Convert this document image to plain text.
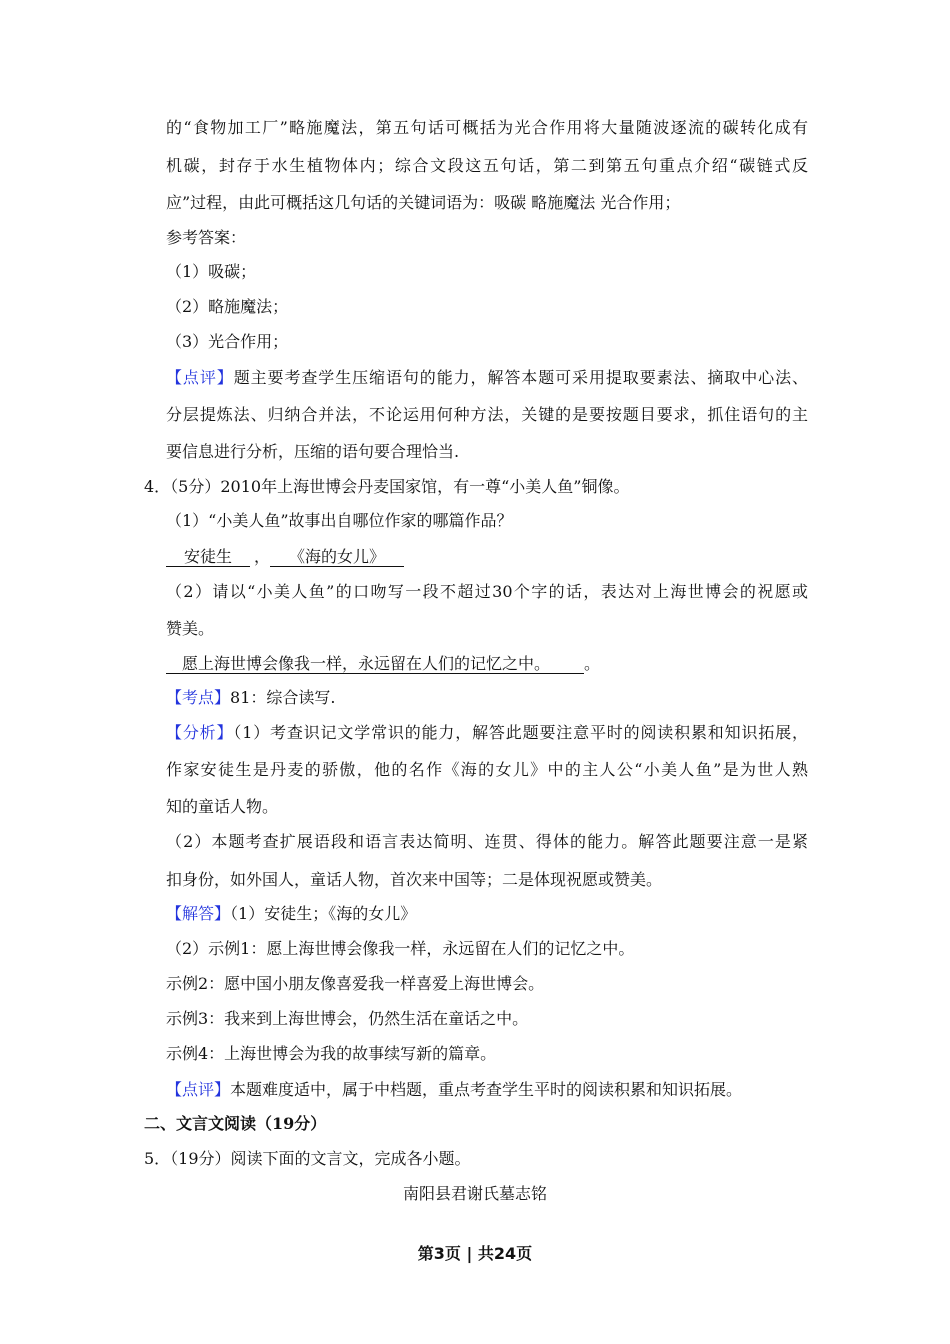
的“食物加工厂”略施魔法，第五句话可概括为光合作用将大量随波逐流的碳转化成有
机碳，封存于水生植物体内；综合文段这五句话，第二到第五句重点介绍“碳链式反
应”过程，由此可概括这几句话的关键词语为：吸碳 略施魔法 光合作用；
参考答案：
（1）吸碳；
（2）略施魔法；
（3）光合作用；
【点评】题主要考查学生压缩语句的能力，解答本题可采用提取要素法、摘取中心法、
分层提炼法、归纳合并法，不论运用何种方法，关键的是要按题目要求，抓住语句的主
要信息进行分析，压缩的语句要合理恰当.
4．（5分）2010年上海世博会丹麦国家馆，有一尊“小美人鱼”铜像。
（1）“小美人鱼”故事出自哪位作家的哪篇作品？
安徒生 ， 《海的女儿》
（2）请以“小美人鱼”的口吻写一段不超过30个字的话，表达对上海世博会的祝愿或
赞美。
愿上海世博会像我一样，永远留在人们的记忆之中。 。
【考点】81：综合读写.
【分析】（1）考查识记文学常识的能力，解答此题要注意平时的阅读积累和知识拓展，
作家安徒生是丹麦的骄傲，他的名作《海的女儿》中的主人公“小美人鱼”是为世人熟
知的童话人物。
（2）本题考查扩展语段和语言表达简明、连贯、得体的能力。解答此题要注意一是紧
扣身份，如外国人，童话人物，首次来中国等；二是体现祝愿或赞美。
【解答】（1）安徒生；《海的女儿》
（2）示例1：愿上海世博会像我一样，永远留在人们的记忆之中。
示例2：愿中国小朋友像喜爱我一样喜爱上海世博会。
示例3：我来到上海世博会，仍然生活在童话之中。
示例4：上海世博会为我的故事续写新的篇章。
【点评】本题难度适中，属于中档题，重点考查学生平时的阅读积累和知识拓展。
二、文言文阅读（19分）
5．（19分）阅读下面的文言文，完成各小题。
南阳县君谢氏墓志铭
第3页 | 共24页
